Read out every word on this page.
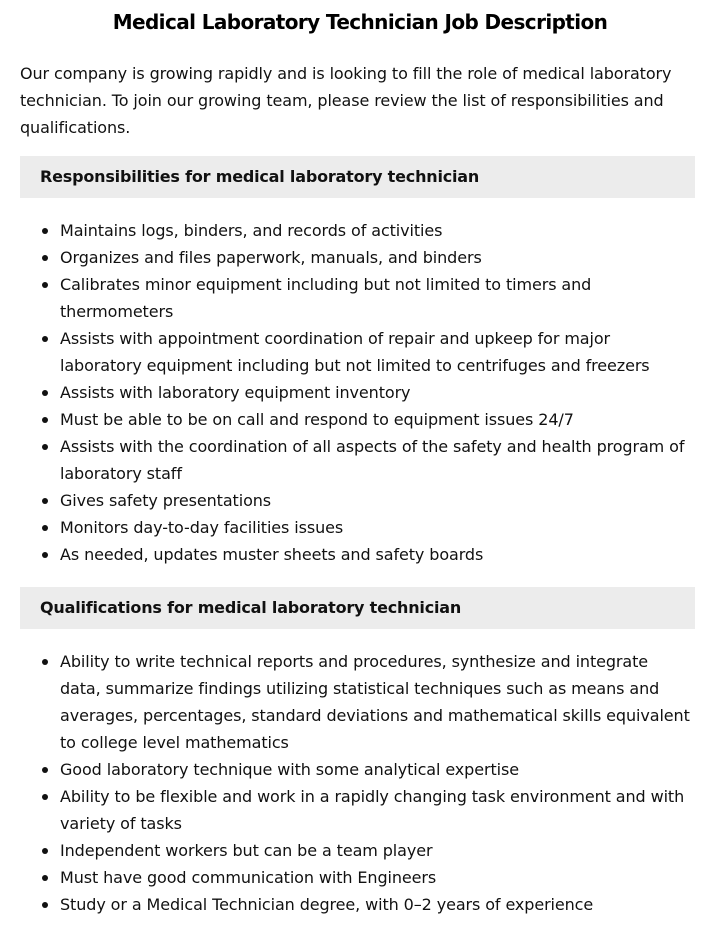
Medical Laboratory Technician Job Description

Our company is growing rapidly and is looking to fill the role of medical laboratory technician. To join our growing team, please review the list of responsibilities and qualifications.

Responsibilities for medical laboratory technician
Maintains logs, binders, and records of activities
Organizes and files paperwork, manuals, and binders
Calibrates minor equipment including but not limited to timers and thermometers
Assists with appointment coordination of repair and upkeep for major laboratory equipment including but not limited to centrifuges and freezers
Assists with laboratory equipment inventory
Must be able to be on call and respond to equipment issues 24/7
Assists with the coordination of all aspects of the safety and health program of laboratory staff
Gives safety presentations
Monitors day-to-day facilities issues
As needed, updates muster sheets and safety boards
Qualifications for medical laboratory technician
Ability to write technical reports and procedures, synthesize and integrate data, summarize findings utilizing statistical techniques such as means and averages, percentages, standard deviations and mathematical skills equivalent to college level mathematics
Good laboratory technique with some analytical expertise
Ability to be flexible and work in a rapidly changing task environment and with variety of tasks
Independent workers but can be a team player
Must have good communication with Engineers
Study or a Medical Technician degree, with 0–2 years of experience
